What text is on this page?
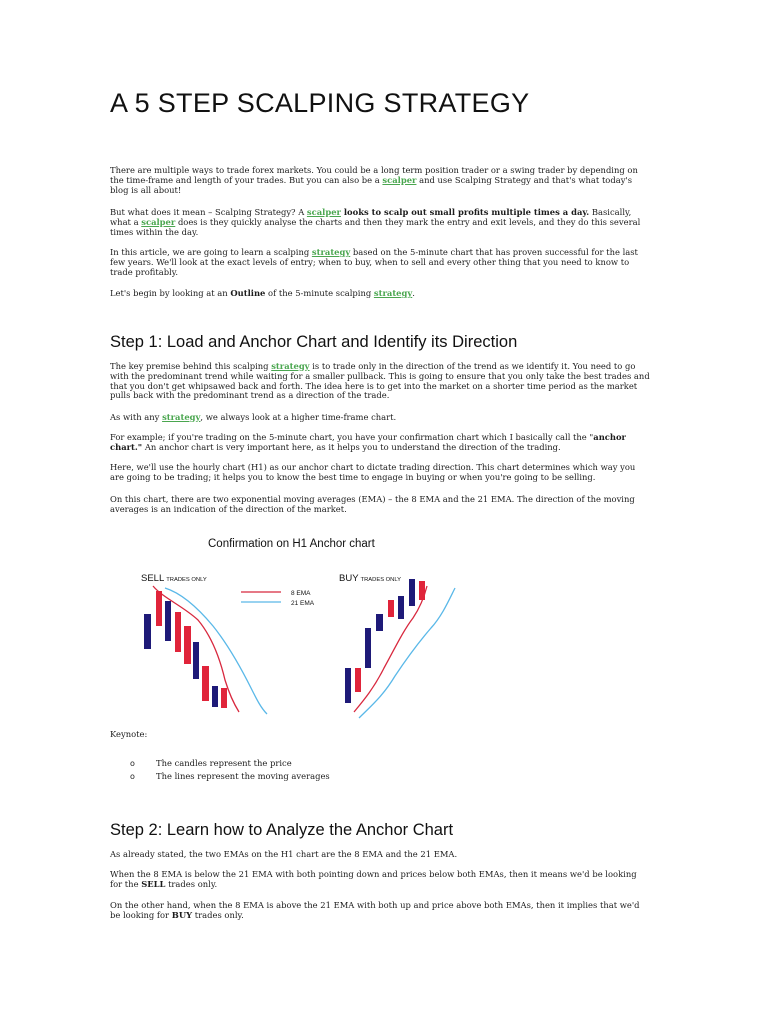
A 5 STEP SCALPING STRATEGY

There are multiple ways to trade forex markets. You could be a long term position trader or a swing trader by depending on the time-frame and length of your trades. But you can also be a scalper and use Scalping Strategy and that's what today's blog is all about!

But what does it mean – Scalping Strategy? A scalper looks to scalp out small profits multiple times a day. Basically, what a scalper does is they quickly analyse the charts and then they mark the entry and exit levels, and they do this several times within the day.

In this article, we are going to learn a scalping strategy based on the 5-minute chart that has proven successful for the last few years. We'll look at the exact levels of entry; when to buy, when to sell and every other thing that you need to know to trade profitably.

Let's begin by looking at an Outline of the 5-minute scalping strategy.

Step 1: Load and Anchor Chart and Identify its Direction

The key premise behind this scalping strategy is to trade only in the direction of the trend as we identify it. You need to go with the predominant trend while waiting for a smaller pullback. This is going to ensure that you only take the best trades and that you don't get whipsawed back and forth. The idea here is to get into the market on a shorter time period as the market pulls back with the predominant trend as a direction of the trade.

As with any strategy, we always look at a higher time-frame chart.

For example; if you're trading on the 5-minute chart, you have your confirmation chart which I basically call the "anchor chart." An anchor chart is very important here, as it helps you to understand the direction of the trading.

Here, we'll use the hourly chart (H1) as our anchor chart to dictate trading direction. This chart determines which way you are going to be trading; it helps you to know the best time to engage in buying or when you're going to be selling.

On this chart, there are two exponential moving averages (EMA) – the 8 EMA and the 21 EMA. The direction of the moving averages is an indication of the direction of the market.

Keynote:

o	The candles represent the price
o	The lines represent the moving averages
Step 2: Learn how to Analyze the Anchor Chart

As already stated, the two EMAs on the H1 chart are the 8 EMA and the 21 EMA.

When the 8 EMA is below the 21 EMA with both pointing down and prices below both EMAs, then it means we'd be looking for the SELL trades only.

On the other hand, when the 8 EMA is above the 21 EMA with both up and price above both EMAs, then it implies that we'd be looking for BUY trades only.

Confirmation on H1 Anchor chart
SELL TRADES ONLY	BUY TRADES ONLY
8 EMA
21 EMA
